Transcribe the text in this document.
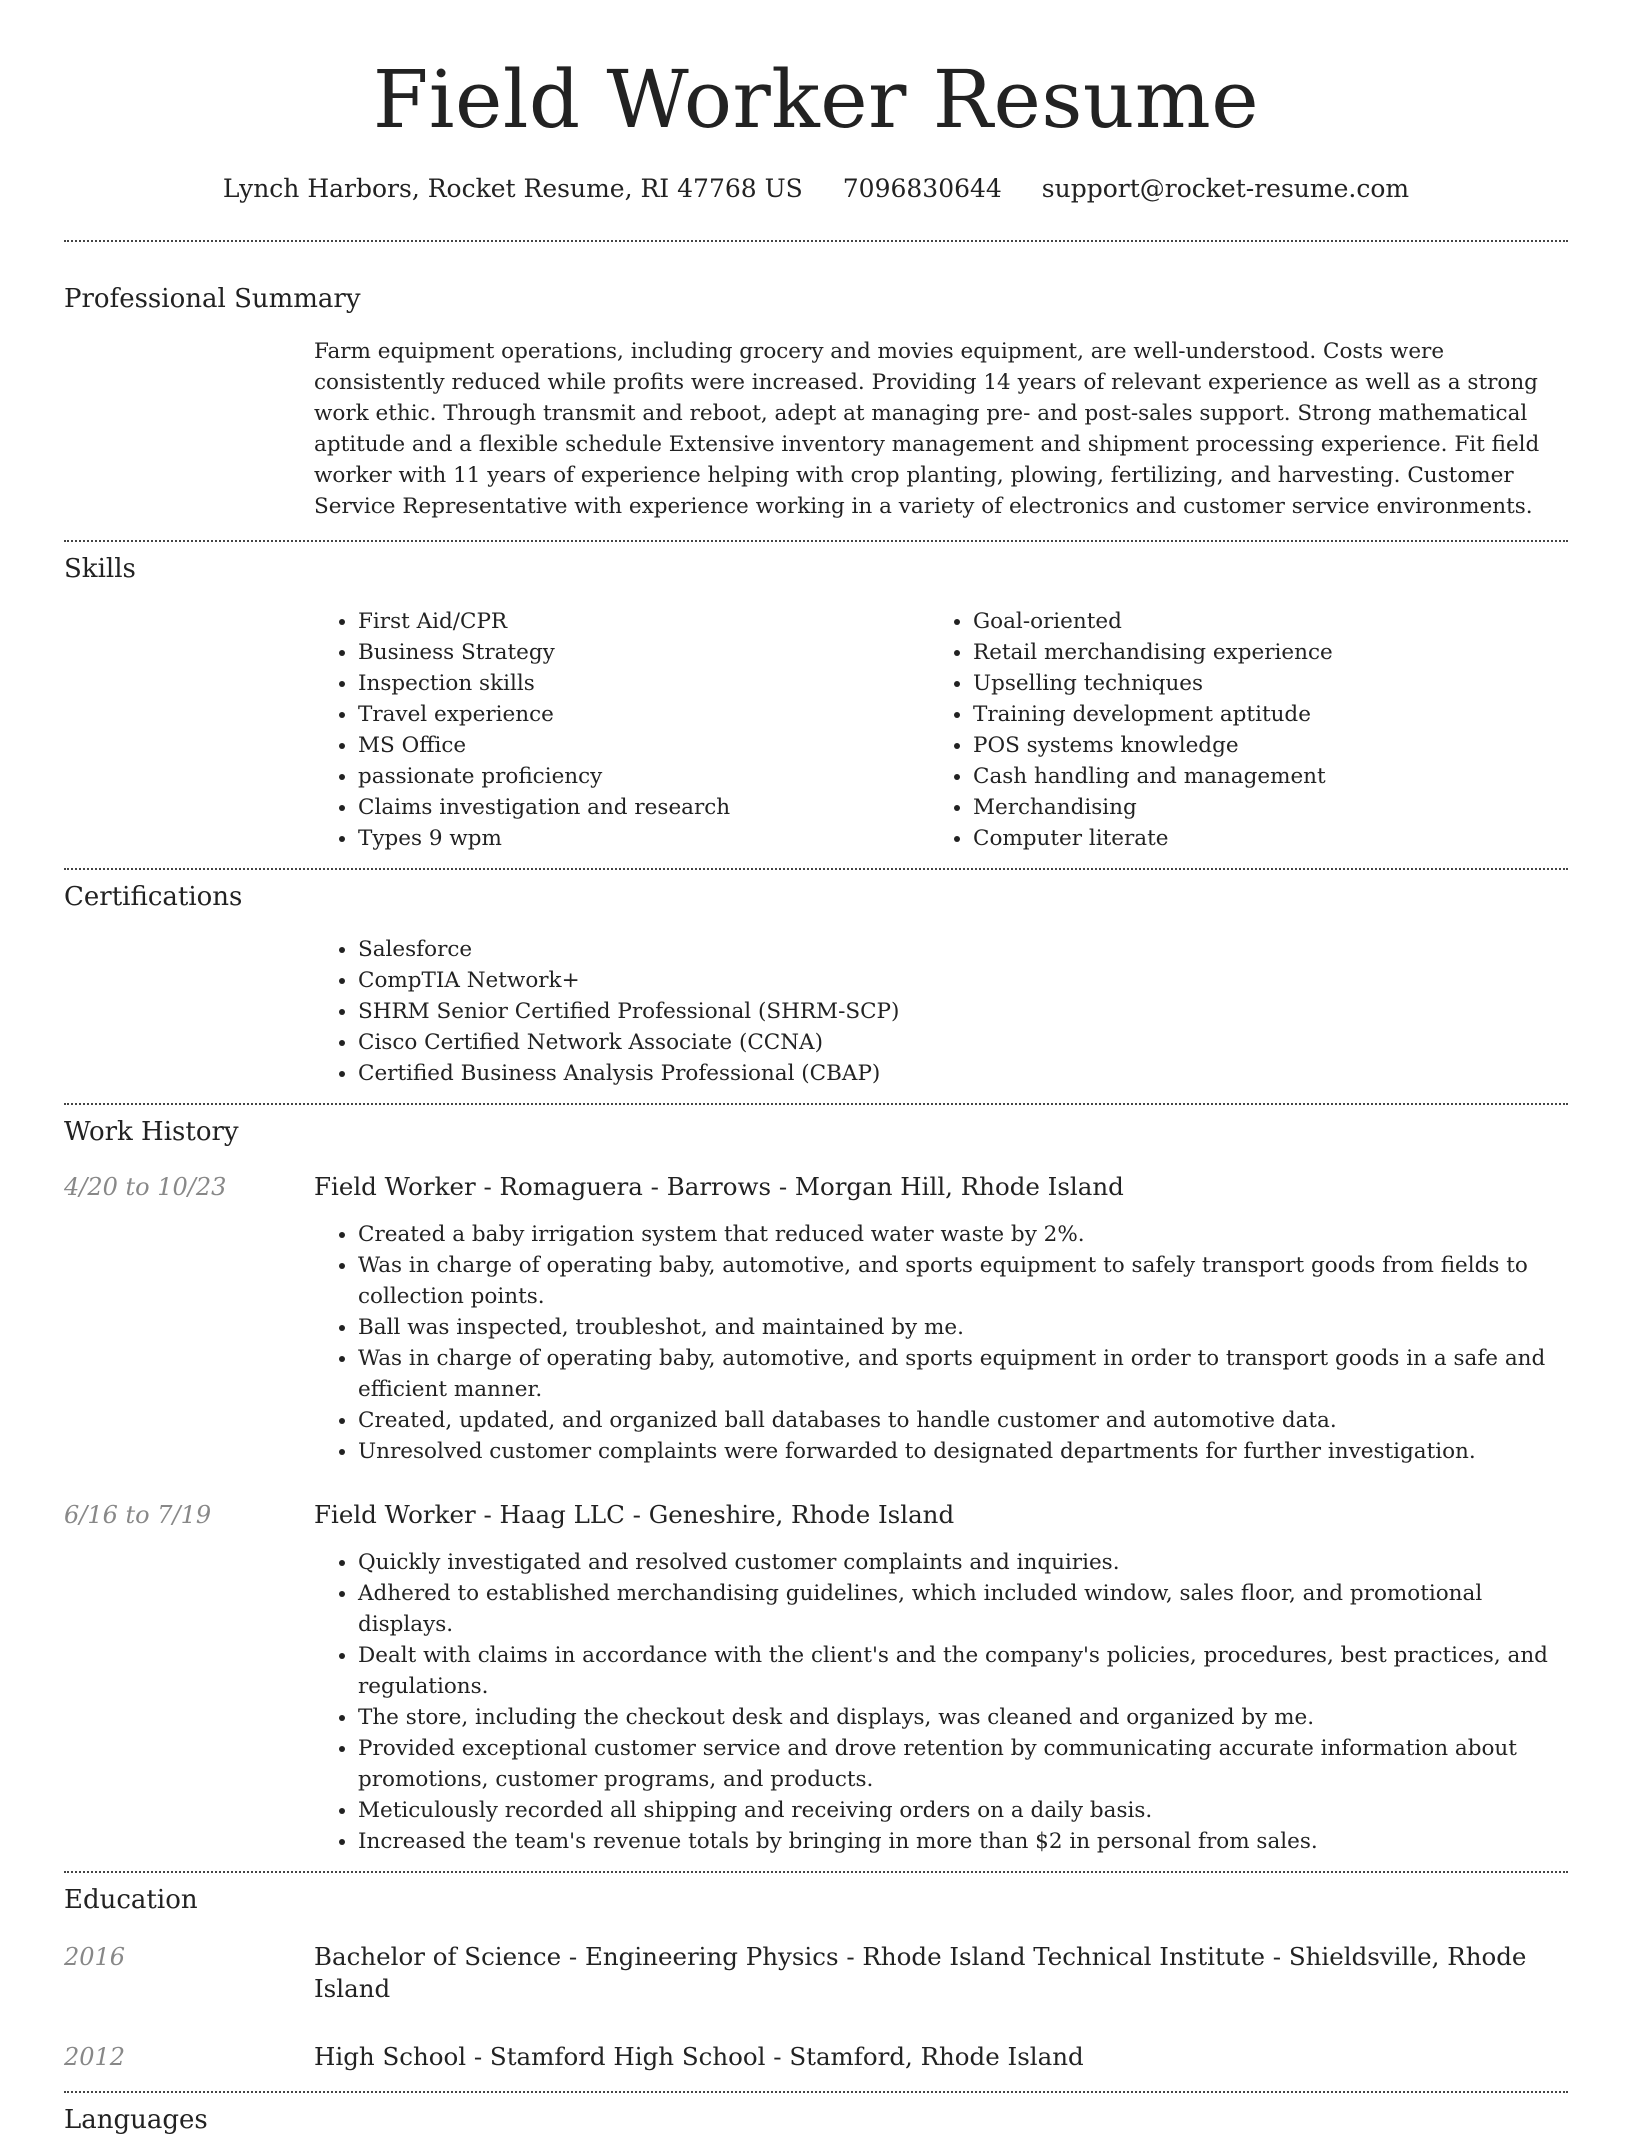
Field Worker Resume
Lynch Harbors, Rocket Resume, RI 47768 US 7096830644 support@rocket-resume.com
Professional Summary
Farm equipment operations, including grocery and movies equipment, are well-understood. Costs were consistently reduced while profits were increased. Providing 14 years of relevant experience as well as a strong work ethic. Through transmit and reboot, adept at managing pre- and post-sales support. Strong mathematical aptitude and a flexible schedule Extensive inventory management and shipment processing experience. Fit field worker with 11 years of experience helping with crop planting, plowing, fertilizing, and harvesting. Customer Service Representative with experience working in a variety of electronics and customer service environments.
Skills
• First Aid/CPR
• Business Strategy
• Inspection skills
• Travel experience
• MS Office
• passionate proficiency
• Claims investigation and research
• Types 9 wpm
• Goal-oriented
• Retail merchandising experience
• Upselling techniques
• Training development aptitude
• POS systems knowledge
• Cash handling and management
• Merchandising
• Computer literate
Certifications
• Salesforce
• CompTIA Network+
• SHRM Senior Certified Professional (SHRM-SCP)
• Cisco Certified Network Associate (CCNA)
• Certified Business Analysis Professional (CBAP)
Work History
4/20 to 10/23	Field Worker - Romaguera - Barrows - Morgan Hill, Rhode Island
• Created a baby irrigation system that reduced water waste by 2%.
• Was in charge of operating baby, automotive, and sports equipment to safely transport goods from fields to collection points.
• Ball was inspected, troubleshot, and maintained by me.
• Was in charge of operating baby, automotive, and sports equipment in order to transport goods in a safe and efficient manner.
• Created, updated, and organized ball databases to handle customer and automotive data.
• Unresolved customer complaints were forwarded to designated departments for further investigation.
6/16 to 7/19	Field Worker - Haag LLC - Geneshire, Rhode Island
• Quickly investigated and resolved customer complaints and inquiries.
• Adhered to established merchandising guidelines, which included window, sales floor, and promotional displays.
• Dealt with claims in accordance with the client's and the company's policies, procedures, best practices, and regulations.
• The store, including the checkout desk and displays, was cleaned and organized by me.
• Provided exceptional customer service and drove retention by communicating accurate information about promotions, customer programs, and products.
• Meticulously recorded all shipping and receiving orders on a daily basis.
• Increased the team's revenue totals by bringing in more than $2 in personal from sales.
Education
2016	Bachelor of Science - Engineering Physics - Rhode Island Technical Institute - Shieldsville, Rhode Island
2012	High School - Stamford High School - Stamford, Rhode Island
Languages
